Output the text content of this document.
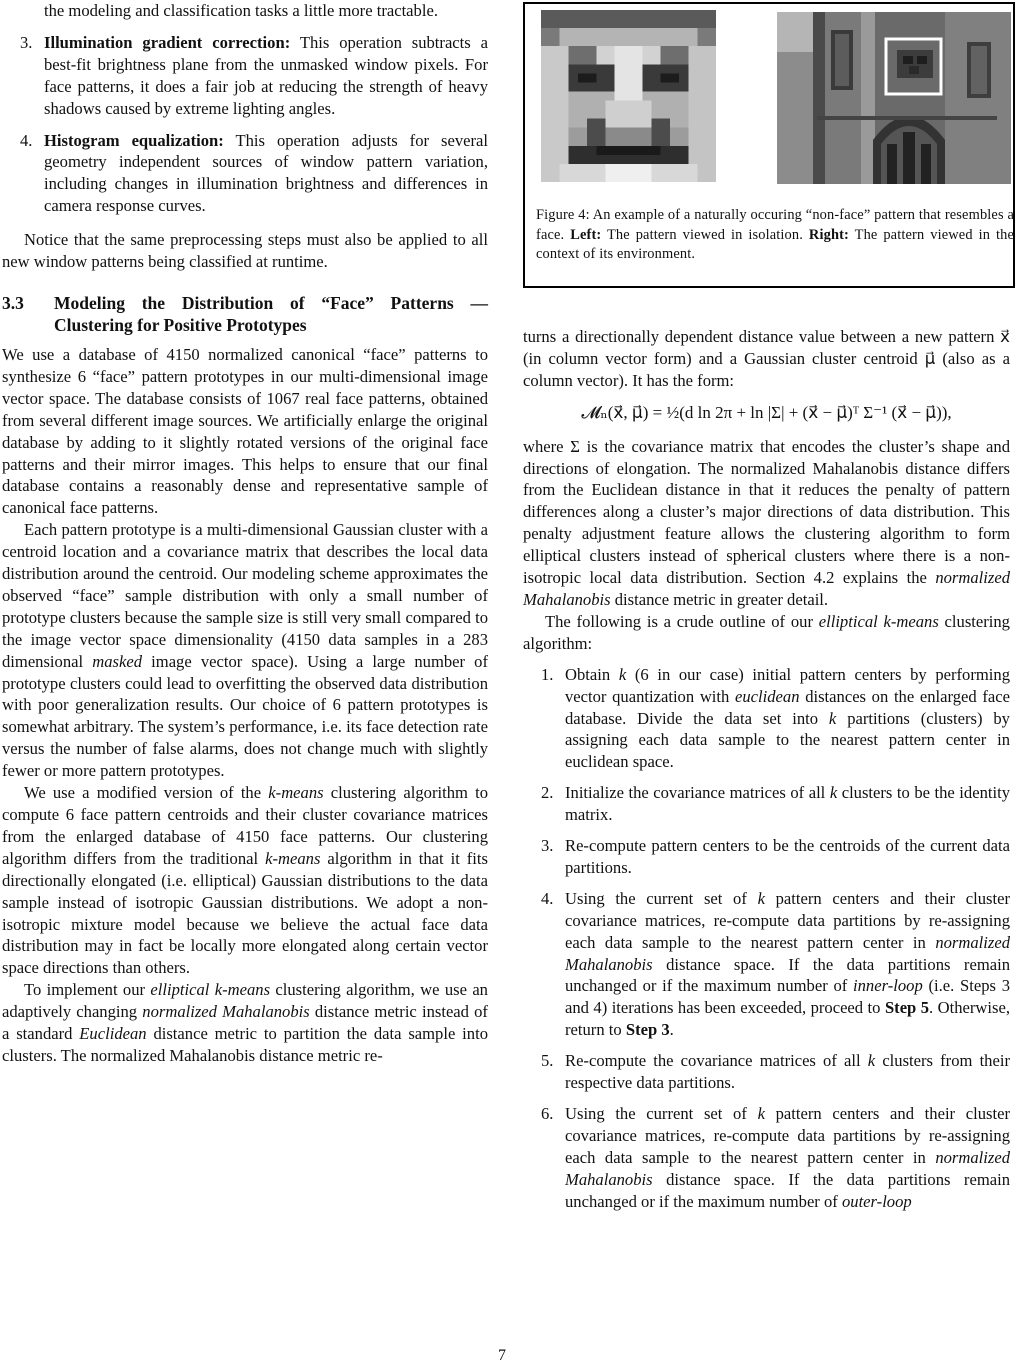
Figure 4: An example of a naturally occuring “non-face” pattern that resembles a face. Left: The pattern viewed in isolation. Right: The pattern viewed in the context of its environment.
the modeling and classification tasks a little more tractable.
3. Illumination gradient correction: This operation subtracts a best-fit brightness plane from the unmasked window pixels. For face patterns, it does a fair job at reducing the strength of heavy shadows caused by extreme lighting angles.
4. Histogram equalization: This operation adjusts for several geometry independent sources of window pattern variation, including changes in illumination brightness and differences in camera response curves.

Notice that the same preprocessing steps must also be applied to all new window patterns being classified at runtime.

3.3 Modeling the Distribution of “Face” Patterns — Clustering for Positive Prototypes

We use a database of 4150 normalized canonical “face” patterns to synthesize 6 “face” pattern prototypes in our multi-dimensional image vector space. The database consists of 1067 real face patterns, obtained from several different image sources. We artificially enlarge the original database by adding to it slightly rotated versions of the original face patterns and their mirror images. This helps to ensure that our final database contains a reasonably dense and representative sample of canonical face patterns.

Each pattern prototype is a multi-dimensional Gaussian cluster with a centroid location and a covariance matrix that describes the local data distribution around the centroid. Our modeling scheme approximates the observed “face” sample distribution with only a small number of prototype clusters because the sample size is still very small compared to the image vector space dimensionality (4150 data samples in a 283 dimensional masked image vector space). Using a large number of prototype clusters could lead to overfitting the observed data distribution with poor generalization results. Our choice of 6 pattern prototypes is somewhat arbitrary. The system’s performance, i.e. its face detection rate versus the number of false alarms, does not change much with slightly fewer or more pattern prototypes.

We use a modified version of the k-means clustering algorithm to compute 6 face pattern centroids and their cluster covariance matrices from the enlarged database of 4150 face patterns. Our clustering algorithm differs from the traditional k-means algorithm in that it fits directionally elongated (i.e. elliptical) Gaussian distributions to the data sample instead of isotropic Gaussian distributions. We adopt a non-isotropic mixture model because we believe the actual face data distribution may in fact be locally more elongated along certain vector space directions than others.

To implement our elliptical k-means clustering algorithm, we use an adaptively changing normalized Mahalanobis distance metric instead of a standard Euclidean distance metric to partition the data sample into clusters. The normalized Mahalanobis distance metric re-

turns a directionally dependent distance value between a new pattern x⃗ (in column vector form) and a Gaussian cluster centroid μ⃗ (also as a column vector). It has the form:

𝓜ₙ(x⃗, μ⃗) = ½(d ln 2π + ln |Σ| + (x⃗ − μ⃗)ᵀ Σ⁻¹ (x⃗ − μ⃗)),

where Σ is the covariance matrix that encodes the cluster’s shape and directions of elongation. The normalized Mahalanobis distance differs from the Euclidean distance in that it reduces the penalty of pattern differences along a cluster’s major directions of data distribution. This penalty adjustment feature allows the clustering algorithm to form elliptical clusters instead of spherical clusters where there is a non-isotropic local data distribution. Section 4.2 explains the normalized Mahalanobis distance metric in greater detail.

The following is a crude outline of our elliptical k-means clustering algorithm:

1. Obtain k (6 in our case) initial pattern centers by performing vector quantization with euclidean distances on the enlarged face database. Divide the data set into k partitions (clusters) by assigning each data sample to the nearest pattern center in euclidean space.
2. Initialize the covariance matrices of all k clusters to be the identity matrix.
3. Re-compute pattern centers to be the centroids of the current data partitions.
4. Using the current set of k pattern centers and their cluster covariance matrices, re-compute data partitions by re-assigning each data sample to the nearest pattern center in normalized Mahalanobis distance space. If the data partitions remain unchanged or if the maximum number of inner-loop (i.e. Steps 3 and 4) iterations has been exceeded, proceed to Step 5. Otherwise, return to Step 3.
5. Re-compute the covariance matrices of all k clusters from their respective data partitions.
6. Using the current set of k pattern centers and their cluster covariance matrices, re-compute data partitions by re-assigning each data sample to the nearest pattern center in normalized Mahalanobis distance space. If the data partitions remain unchanged or if the maximum number of outer-loop
7
